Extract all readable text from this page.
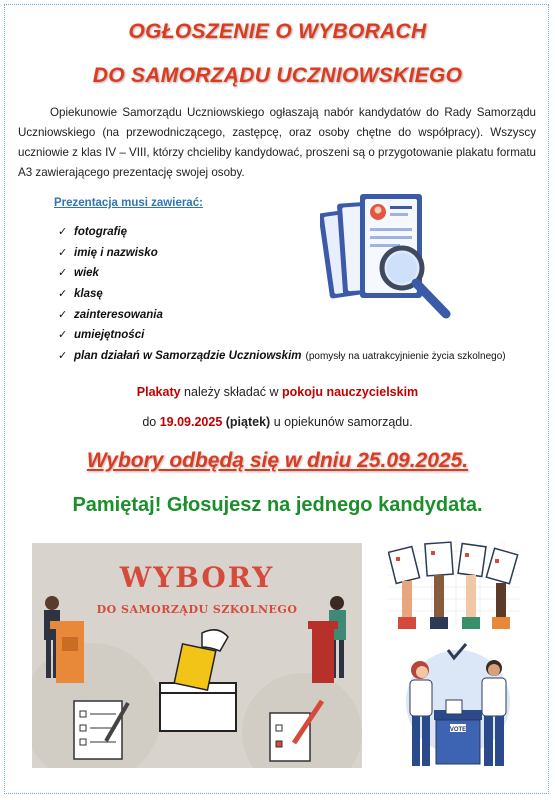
OGŁOSZENIE O WYBORACH
DO SAMORZĄDU UCZNIOWSKIEGO
Opiekunowie Samorządu Uczniowskiego ogłaszają nabór kandydatów do Rady Samorządu Uczniowskiego (na przewodniczącego, zastępcę, oraz osoby chętne do współpracy). Wszyscy uczniowie z klas IV – VIII, którzy chcieliby kandydować, proszeni są o przygotowanie plakatu formatu A3 zawierającego prezentację swojej osoby.
Prezentacja musi zawierać:
✓ fotografię
✓ imię i nazwisko
✓ wiek
✓ klasę
✓ zainteresowania
✓ umiejętności
✓ plan działań w Samorządzie Uczniowskim (pomysły na uatrakcyjnienie życia szkolnego)
Plakaty należy składać w pokoju nauczycielskim
do 19.09.2025 (piątek) u opiekunów samorządu.
Wybory odbędą się w dniu 25.09.2025.
Pamiętaj! Głosujesz na jednego kandydata.
WYBORY
DO SAMORZĄDU SZKOLNEGO
VOTE
